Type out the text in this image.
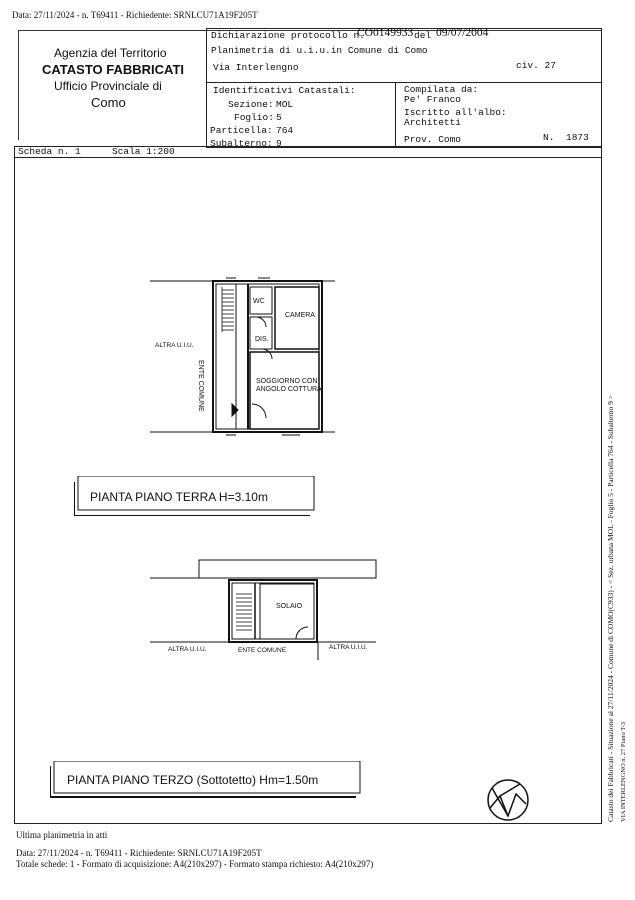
Data: 27/11/2024 - n. T69411 - Richiedente: SRNLCU71A19F205T
Agenzia del Territorio
CATASTO FABBRICATI
Ufficio Provinciale di
Como
Dichiarazione protocollo n.
CO0149933 del 09/07/2004
Planimetria di u.i.u.in Comune di Como
Via Interlengno	civ. 27
Identificativi Catastali:
Sezione: MOL
Foglio: 5
Particella: 764
Subalterno: 9
Compilata da:
Pe' Franco
Iscritto all'albo:
Architetti
Prov. Como	N. 1873
Scheda n. 1	Scala 1:200
ALTRA U.I.U.
WC
CAMERA
DIS.
SOGGIORNO CON
ANGOLO COTTURA
ENTE COMUNE
PIANTA PIANO TERRA H=3.10m
ALTRA U.I.U.	ALTRA U.I.U.
SOLAIO
ENTE COMUNE
PIANTA PIANO TERZO (Sottotetto) Hm=1.50m	Catasto dei Fabbricati - Situazione al 27/11/2024 - Comune di COMO(C933) - < Sez. urbana MOL - Foglio 5 - Particella 764 - Subalterno 9 > VIA INTERLENGNO n. 27 Piano T-3
Ultima planimetria in atti
Data: 27/11/2024 - n. T69411 - Richiedente: SRNLCU71A19F205T
Totale schede: 1 - Formato di acquisizione: A4(210x297) - Formato stampa richiesto: A4(210x297)
